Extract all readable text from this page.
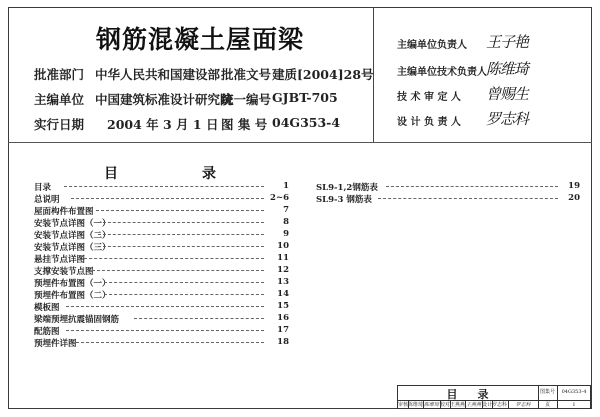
钢筋混凝土屋面梁
批准部门 中华人民共和国建设部 批准文号 建质[2004]28号
主编单位 中国建筑标准设计研究院
统一编号 GJBT-705
实行日期 2004 年 3 月 1 日 图 集 号 04G353-4
主编单位负责人 王子艳
主编单位技术负责人 陈维琦
技 术 审 定 人 曾赐生
设 计 负 责 人 罗志科
目	录
目录	1
总说明	2~6
屋面构件布置图	7
安装节点详图（一）	8
安装节点详图（二）	9
安装节点详图（三）	10
悬挂节点详图	11
支撑安装节点图	12
预埋件布置图（一）	13
预埋件布置图（二）	14
模板图	15
梁端预埋抗震锚固钢筋	16
配筋图	17
预埋件详图	18
SL9-1,2钢筋表	19
SL9-3 钢筋表	20
目录	图集号	04G353-4
审核 陈维琦 陈维琦 校对 王燕燕 王燕燕 设计 罗志科	罗志科	页	1
